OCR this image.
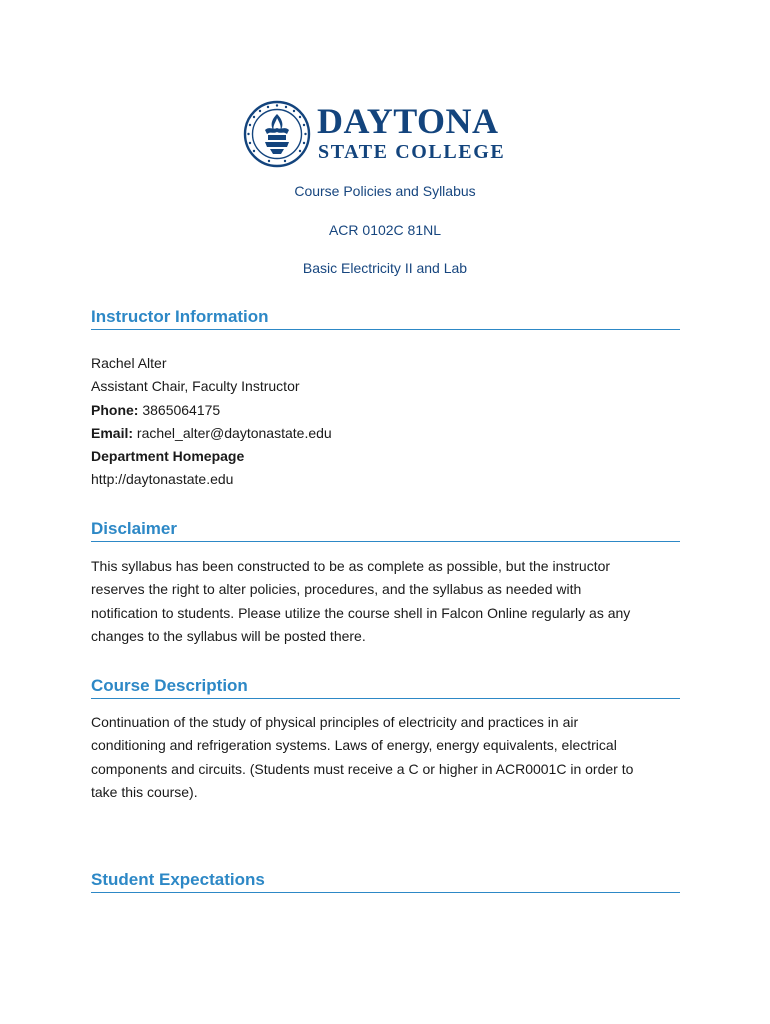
DAYTONA
STATE COLLEGE
Course Policies and Syllabus
ACR 0102C 81NL
Basic Electricity II and Lab
Instructor Information
Rachel Alter
Assistant Chair, Faculty Instructor
Phone: 3865064175
Email: rachel_alter@daytonastate.edu
Department Homepage
http://daytonastate.edu
Disclaimer
This syllabus has been constructed to be as complete as possible, but the instructor
reserves the right to alter policies, procedures, and the syllabus as needed with
notification to students. Please utilize the course shell in Falcon Online regularly as any
changes to the syllabus will be posted there.
Course Description
Continuation of the study of physical principles of electricity and practices in air
conditioning and refrigeration systems. Laws of energy, energy equivalents, electrical
components and circuits. (Students must receive a C or higher in ACR0001C in order to
take this course).
Student Expectations
